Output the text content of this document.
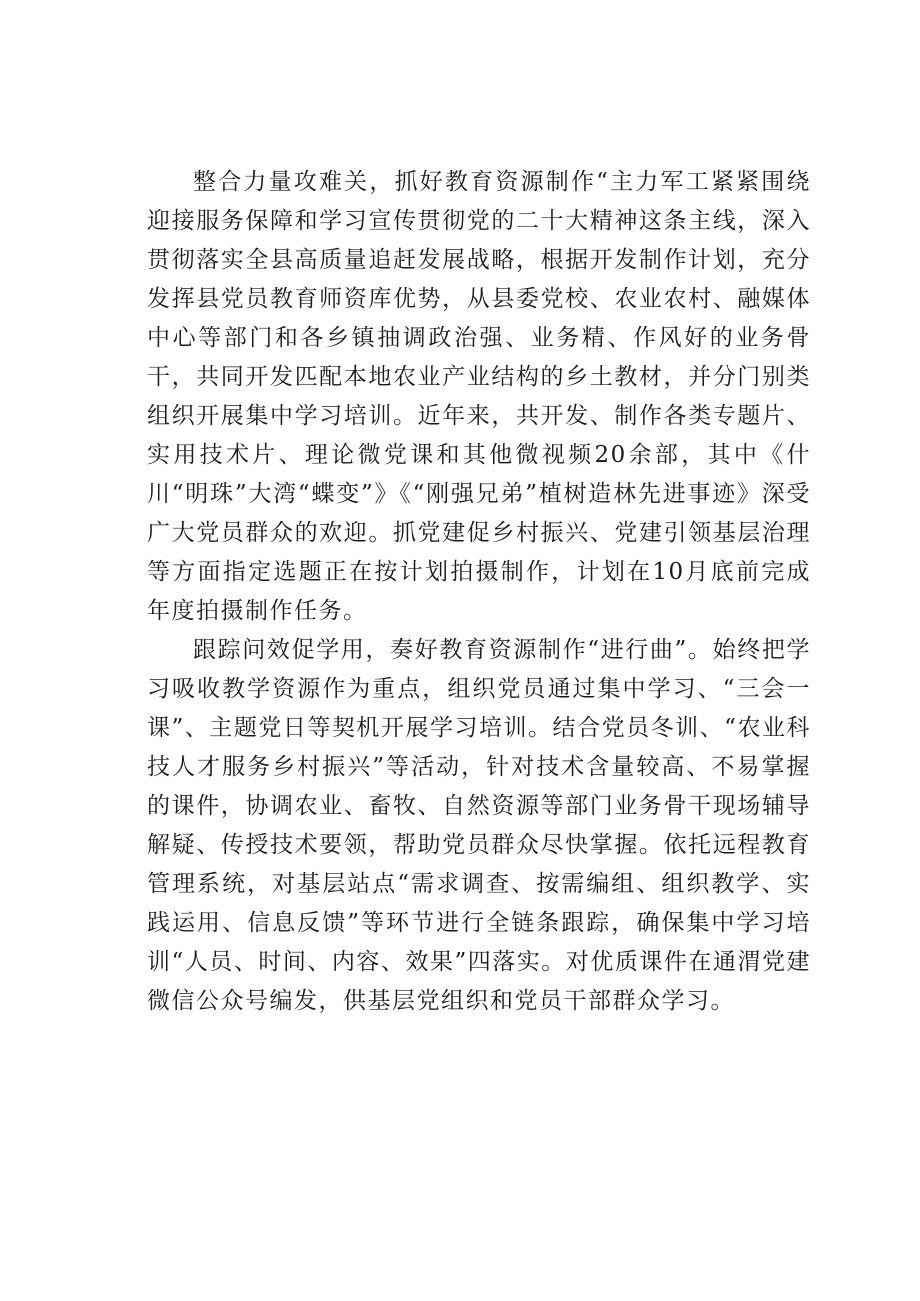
整合力量攻难关，抓好教育资源制作“主力军工紧紧围绕迎接服务保障和学习宣传贯彻党的二十大精神这条主线，深入贯彻落实全县高质量追赶发展战略，根据开发制作计划，充分发挥县党员教育师资库优势，从县委党校、农业农村、融媒体中心等部门和各乡镇抽调政治强、业务精、作风好的业务骨干，共同开发匹配本地农业产业结构的乡土教材，并分门别类组织开展集中学习培训。近年来，共开发、制作各类专题片、实用技术片、理论微党课和其他微视频20余部，其中《什川“明珠”大湾“蝶变”》《“刚强兄弟”植树造林先进事迹》深受广大党员群众的欢迎。抓党建促乡村振兴、党建引领基层治理等方面指定选题正在按计划拍摄制作，计划在10月底前完成年度拍摄制作任务。

跟踪问效促学用，奏好教育资源制作“进行曲”。始终把学习吸收教学资源作为重点，组织党员通过集中学习、“三会一课”、主题党日等契机开展学习培训。结合党员冬训、“农业科技人才服务乡村振兴”等活动，针对技术含量较高、不易掌握的课件，协调农业、畜牧、自然资源等部门业务骨干现场辅导解疑、传授技术要领，帮助党员群众尽快掌握。依托远程教育管理系统，对基层站点“需求调查、按需编组、组织教学、实践运用、信息反馈”等环节进行全链条跟踪，确保集中学习培训“人员、时间、内容、效果”四落实。对优质课件在通渭党建微信公众号编发，供基层党组织和党员干部群众学习。
